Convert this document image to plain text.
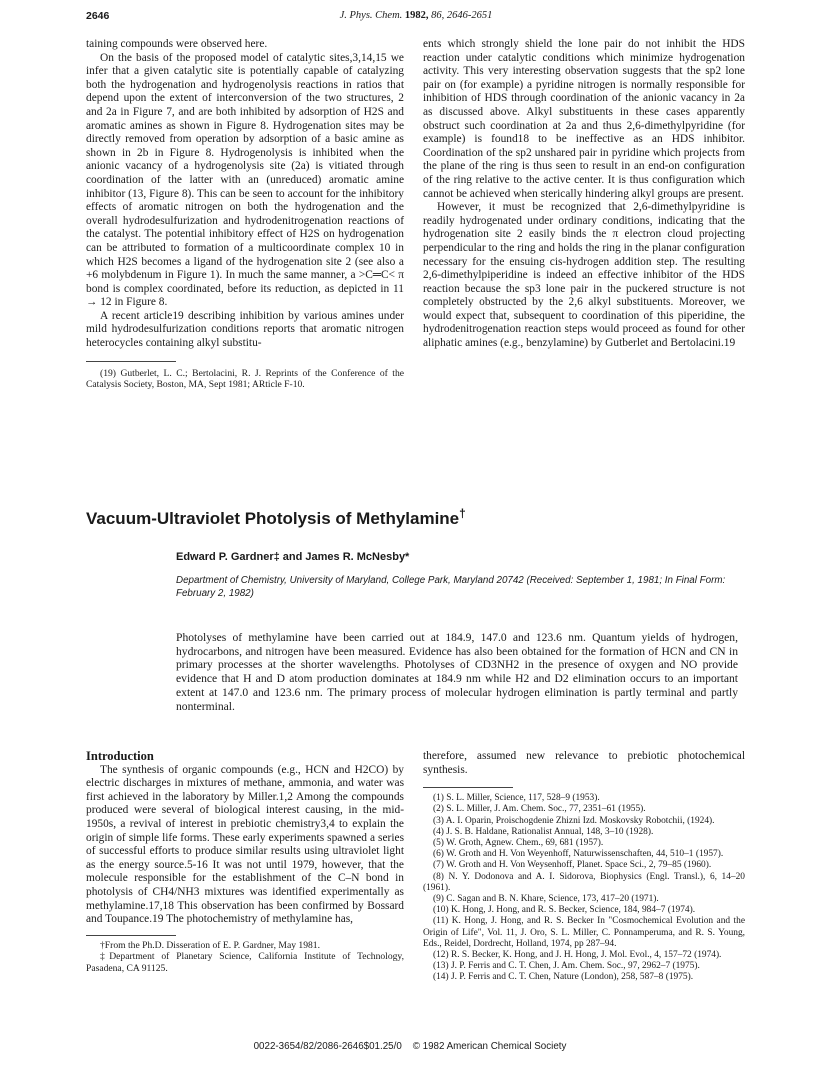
2646	J. Phys. Chem. 1982, 86, 2646-2651

taining compounds were observed here.

On the basis of the proposed model of catalytic sites,3,14,15 we infer that a given catalytic site is potentially capable of catalyzing both the hydrogenation and hydrogenolysis reactions in ratios that depend upon the extent of interconversion of the two structures, 2 and 2a in Figure 7, and are both inhibited by adsorption of H2S and aromatic amines as shown in Figure 8. Hydrogenation sites may be directly removed from operation by adsorption of a basic amine as shown in 2b in Figure 8. Hydrogenolysis is inhibited when the anionic vacancy of a hydrogenolysis site (2a) is vitiated through coordination of the latter with an (unreduced) aromatic amine inhibitor (13, Figure 8). This can be seen to account for the inhibitory effects of aromatic nitrogen on both the hydrogenation and the overall hydrodesulfurization and hydrodenitrogenation reactions of the catalyst. The potential inhibitory effect of H2S on hydrogenation can be attributed to formation of a multicoordinate complex 10 in which H2S becomes a ligand of the hydrogenation site 2 (see also a +6 molybdenum in Figure 1). In much the same manner, a >C═C< π bond is complex coordinated, before its reduction, as depicted in 11 → 12 in Figure 8.

A recent article19 describing inhibition by various amines under mild hydrodesulfurization conditions reports that aromatic nitrogen heterocycles containing alkyl substitu-

(19) Gutberlet, L. C.; Bertolacini, R. J. Reprints of the Conference of the Catalysis Society, Boston, MA, Sept 1981; ARticle F-10.

ents which strongly shield the lone pair do not inhibit the HDS reaction under catalytic conditions which minimize hydrogenation activity. This very interesting observation suggests that the sp2 lone pair on (for example) a pyridine nitrogen is normally responsible for inhibition of HDS through coordination of the anionic vacancy in 2a as discussed above. Alkyl substituents in these cases apparently obstruct such coordination at 2a and thus 2,6-dimethylpyridine (for example) is found18 to be ineffective as an HDS inhibitor. Coordination of the sp2 unshared pair in pyridine which projects from the plane of the ring is thus seen to result in an end-on configuration of the ring relative to the active center. It is thus configuration which cannot be achieved when sterically hindering alkyl groups are present.

However, it must be recognized that 2,6-dimethylpyridine is readily hydrogenated under ordinary conditions, indicating that the hydrogenation site 2 easily binds the π electron cloud projecting perpendicular to the ring and holds the ring in the planar configuration necessary for the ensuing cis-hydrogen addition step. The resulting 2,6-dimethylpiperidine is indeed an effective inhibitor of the HDS reaction because the sp3 lone pair in the puckered structure is not completely obstructed by the 2,6 alkyl substituents. Moreover, we would expect that, subsequent to coordination of this piperidine, the hydrodenitrogenation reaction steps would proceed as found for other aliphatic amines (e.g., benzylamine) by Gutberlet and Bertolacini.19

Vacuum-Ultraviolet Photolysis of Methylamine†
Edward P. Gardner‡ and James R. McNesby*
Department of Chemistry, University of Maryland, College Park, Maryland 20742 (Received: September 1, 1981; In Final Form: February 2, 1982)
Photolyses of methylamine have been carried out at 184.9, 147.0 and 123.6 nm. Quantum yields of hydrogen, hydrocarbons, and nitrogen have been measured. Evidence has also been obtained for the formation of HCN and CN in primary processes at the shorter wavelengths. Photolyses of CD3NH2 in the presence of oxygen and NO provide evidence that H and D atom production dominates at 184.9 nm while H2 and D2 elimination occurs to an important extent at 147.0 and 123.6 nm. The primary process of molecular hydrogen elimination is partly terminal and partly nonterminal.
Introduction

The synthesis of organic compounds (e.g., HCN and H2CO) by electric discharges in mixtures of methane, ammonia, and water was first achieved in the laboratory by Miller.1,2 Among the compounds produced were several of biological interest causing, in the mid-1950s, a revival of interest in prebiotic chemistry3,4 to explain the origin of simple life forms. These early experiments spawned a series of successful efforts to produce similar results using ultraviolet light as the energy source.5-16 It was not until 1979, however, that the molecule responsible for the establishment of the C–N bond in photolysis of CH4/NH3 mixtures was identified experimentally as methylamine.17,18 This observation has been confirmed by Bossard and Toupance.19 The photochemistry of methylamine has,

†From the Ph.D. Disseration of E. P. Gardner, May 1981.

‡Department of Planetary Science, California Institute of Technology, Pasadena, CA 91125.

therefore, assumed new relevance to prebiotic photochemical synthesis.

(1) S. L. Miller, Science, 117, 528–9 (1953).
(2) S. L. Miller, J. Am. Chem. Soc., 77, 2351–61 (1955).
(3) A. I. Oparin, Proischogdenie Zhizni Izd. Moskovsky Robotchii, (1924).
(4) J. S. B. Haldane, Rationalist Annual, 148, 3–10 (1928).
(5) W. Groth, Agnew. Chem., 69, 681 (1957).
(6) W. Groth and H. Von Weyenhoff, Naturwissenschaften, 44, 510–1 (1957).
(7) W. Groth and H. Von Weysenhoff, Planet. Space Sci., 2, 79–85 (1960).
(8) N. Y. Dodonova and A. I. Sidorova, Biophysics (Engl. Transl.), 6, 14–20 (1961).
(9) C. Sagan and B. N. Khare, Science, 173, 417–20 (1971).
(10) K. Hong, J. Hong, and R. S. Becker, Science, 184, 984–7 (1974).
(11) K. Hong, J. Hong, and R. S. Becker In "Cosmochemical Evolution and the Origin of Life", Vol. 11, J. Oro, S. L. Miller, C. Ponnamperuma, and R. S. Young, Eds., Reidel, Dordrecht, Holland, 1974, pp 287–94.
(12) R. S. Becker, K. Hong, and J. H. Hong, J. Mol. Evol., 4, 157–72 (1974).
(13) J. P. Ferris and C. T. Chen, J. Am. Chem. Soc., 97, 2962–7 (1975).
(14) J. P. Ferris and C. T. Chen, Nature (London), 258, 587–8 (1975).
0022-3654/82/2086-2646$01.25/0 © 1982 American Chemical Society
